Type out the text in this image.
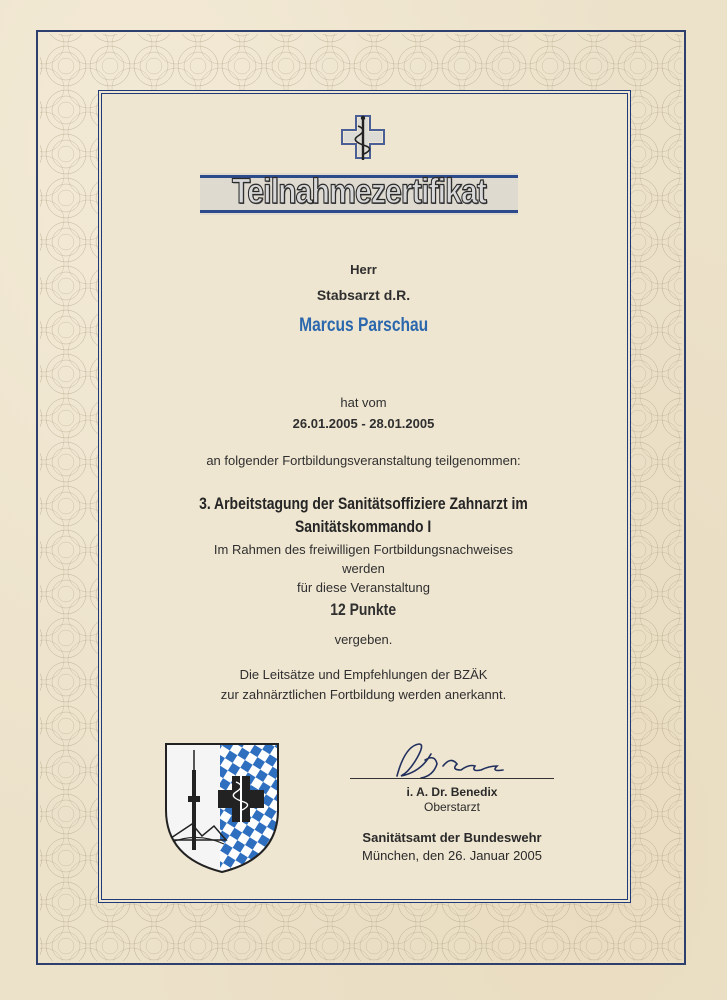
Teilnahmezertifikat
Herr
Stabsarzt d.R.
Marcus Parschau
hat vom
26.01.2005 - 28.01.2005
an folgender Fortbildungsveranstaltung teilgenommen:
3. Arbeitstagung der Sanitätsoffiziere Zahnarzt im
Sanitätskommando I
Im Rahmen des freiwilligen Fortbildungsnachweises
werden
für diese Veranstaltung
12 Punkte
vergeben.
Die Leitsätze und Empfehlungen der BZÄK
zur zahnärztlichen Fortbildung werden anerkannt.
i. A. Dr. Benedix
Oberstarzt
Sanitätsamt der Bundeswehr
München, den 26. Januar 2005
